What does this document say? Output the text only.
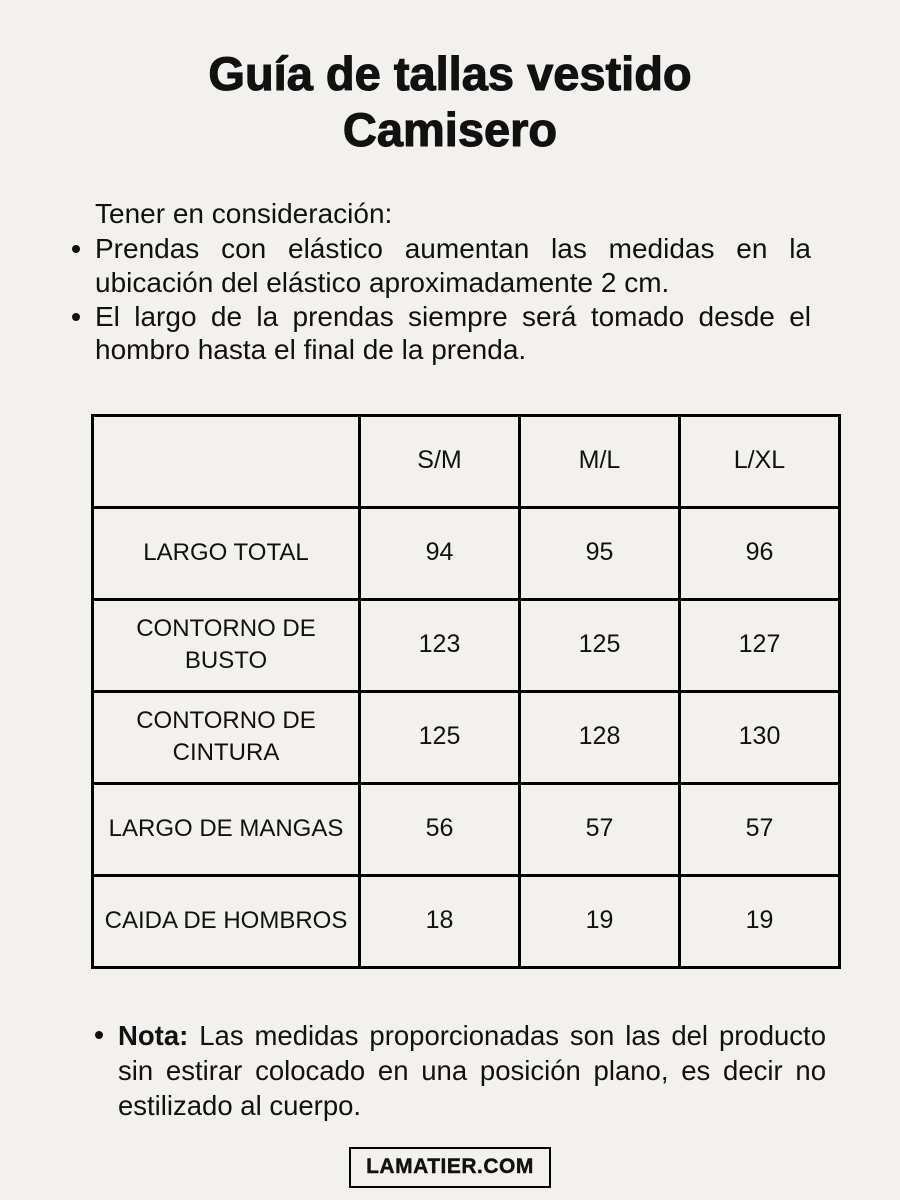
Guía de tallas vestido
Camisero
Tener en consideración:
Prendas con elástico aumentan las medidas en la ubicación del elástico aproximadamente 2 cm.
El largo de la prendas siempre será tomado desde el hombro hasta el final de la prenda.
	S/M	M/L	L/XL
LARGO TOTAL	94	95	96
CONTORNO DE BUSTO	123	125	127
CONTORNO DE CINTURA	125	128	130
LARGO DE MANGAS	56	57	57
CAIDA DE HOMBROS	18	19	19
Nota: Las medidas proporcionadas son las del producto sin estirar colocado en una posición plano, es decir no estilizado al cuerpo.
LAMATIER.COM
